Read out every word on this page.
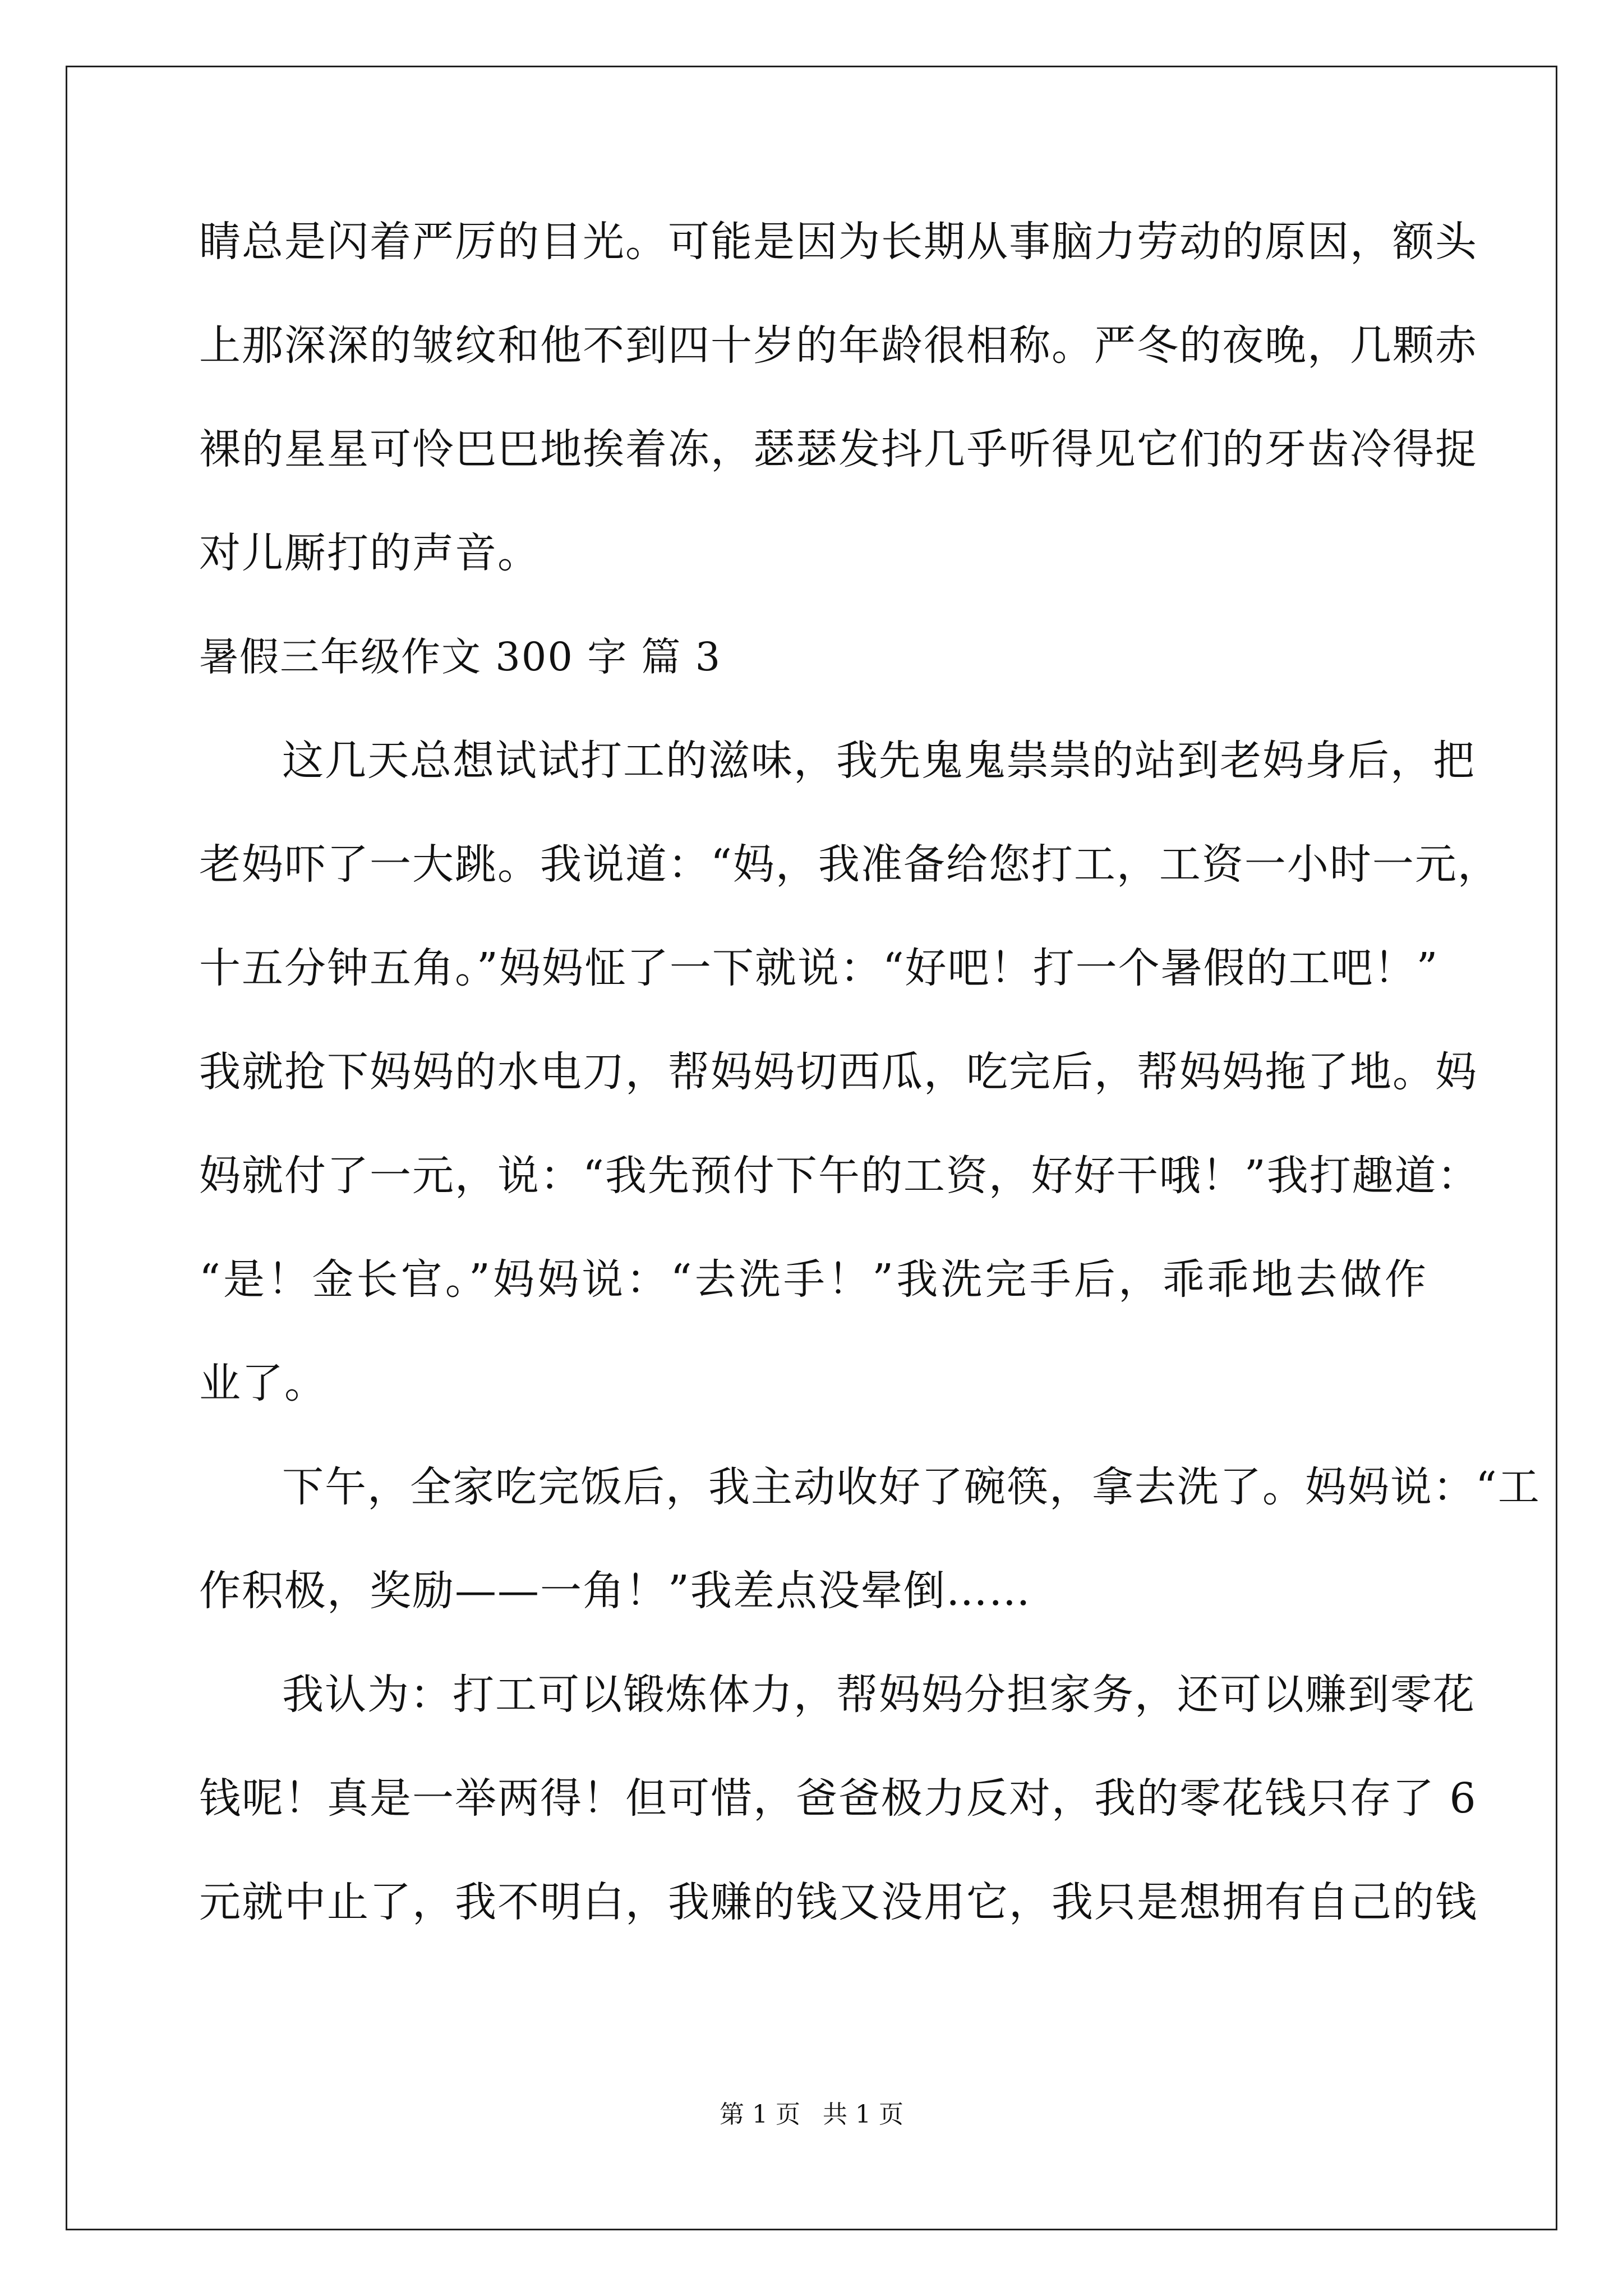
睛总是闪着严厉的目光。可能是因为长期从事脑力劳动的原因，额头
上那深深的皱纹和他不到四十岁的年龄很相称。严冬的夜晚，几颗赤
裸的星星可怜巴巴地挨着冻，瑟瑟发抖几乎听得见它们的牙齿冷得捉
对儿厮打的声音。
暑假三年级作文 300 字 篇 3
这几天总想试试打工的滋味，我先鬼鬼祟祟的站到老妈身后，把
老妈吓了一大跳。我说道：“妈，我准备给您打工，工资一小时一元，
十五分钟五角。”妈妈怔了一下就说：“好吧！打一个暑假的工吧！”
我就抢下妈妈的水电刀，帮妈妈切西瓜，吃完后，帮妈妈拖了地。妈
妈就付了一元，说：“我先预付下午的工资，好好干哦！”我打趣道：
“是！金长官。”妈妈说：“去洗手！”我洗完手后，乖乖地去做作
业了。
下午，全家吃完饭后，我主动收好了碗筷，拿去洗了。妈妈说：“工
作积极，奖励——一角！”我差点没晕倒……
我认为：打工可以锻炼体力，帮妈妈分担家务，还可以赚到零花
钱呢！真是一举两得！但可惜，爸爸极力反对，我的零花钱只存了 6
元就中止了，我不明白，我赚的钱又没用它，我只是想拥有自己的钱
第 1 页 共 1 页
